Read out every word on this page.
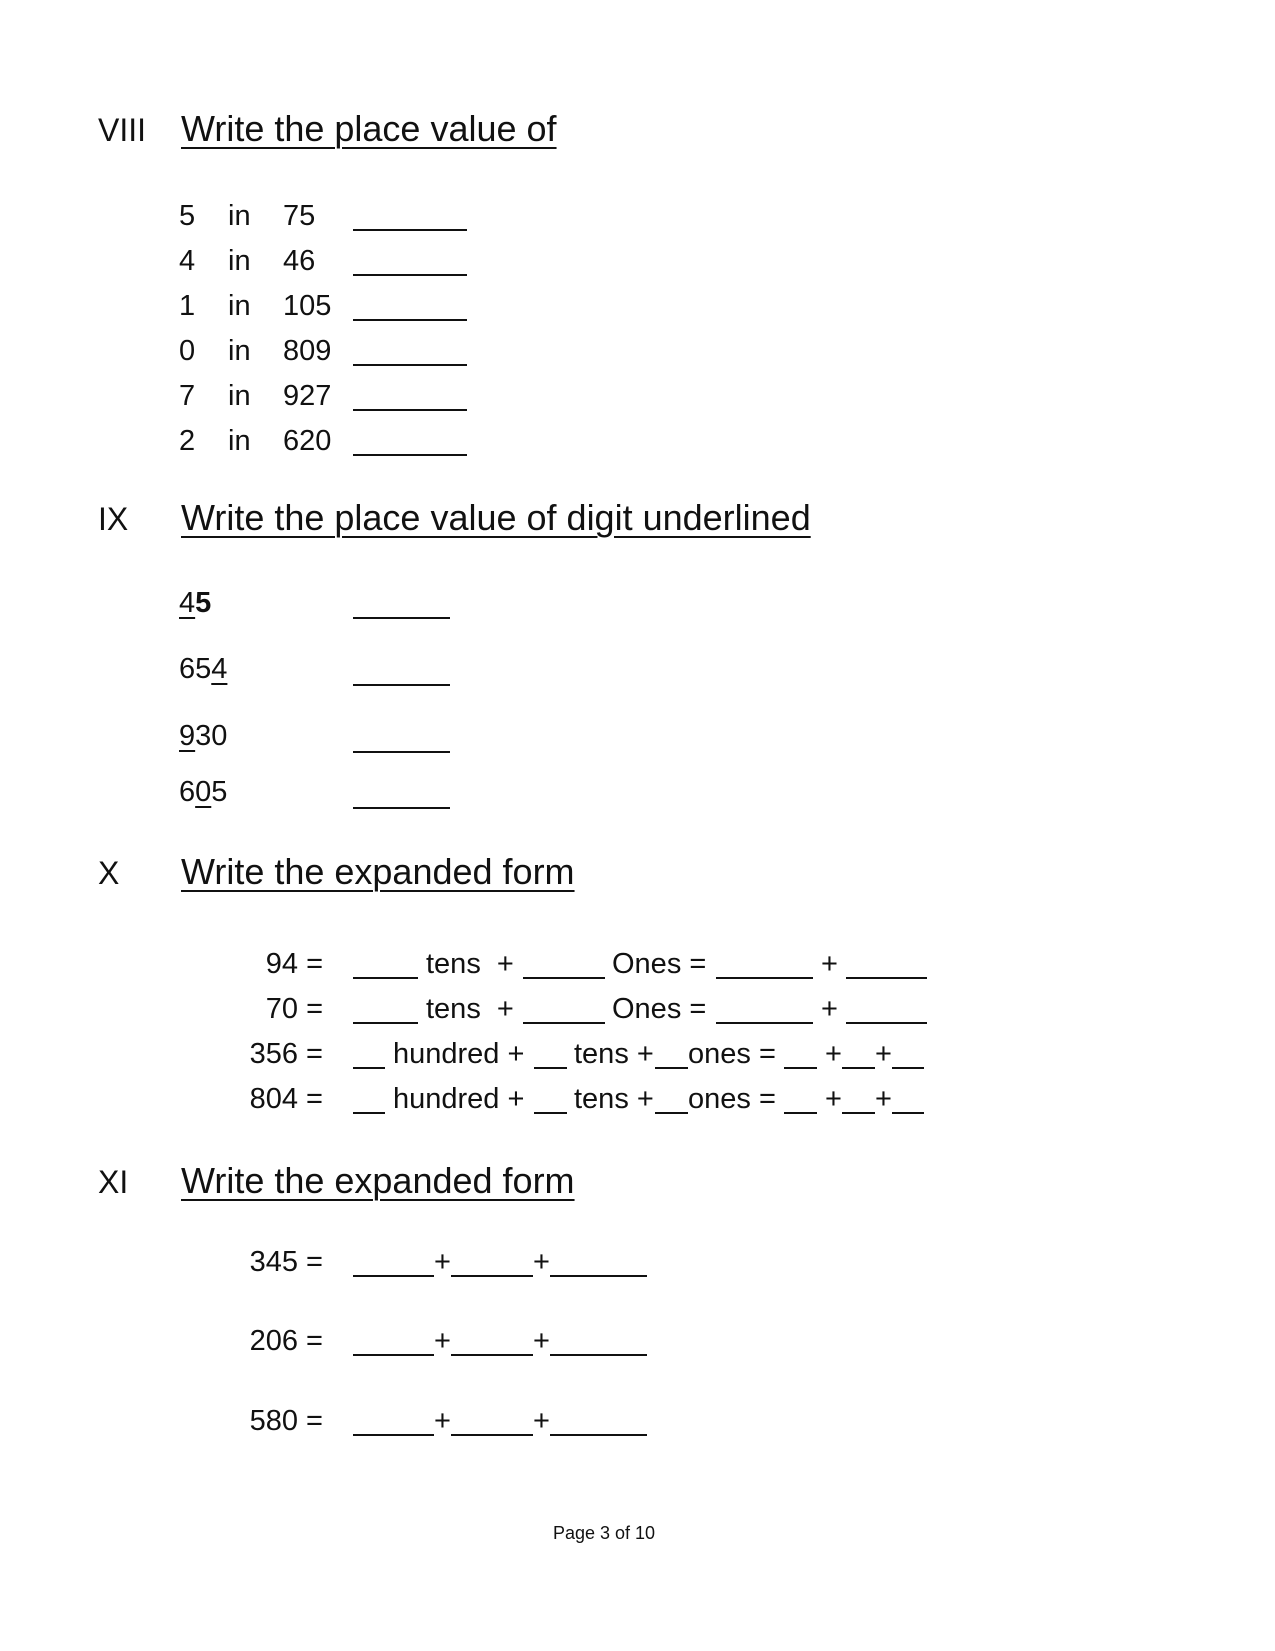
VIII Write the place value of
5 in 75
4 in 46
1 in 105
0 in 809
7 in 927
2 in 620
IX Write the place value of digit underlined
45
654
930
605
X Write the expanded form
94 =	tens  +	Ones =	+
70 =	tens  +	Ones =	+
356 = hundred + tens + ones = + +
804 = hundred + tens + ones = + +
XI Write the expanded form
345 =	+	+
206 =	+	+
580 =	+	+
Page 3 of 10
